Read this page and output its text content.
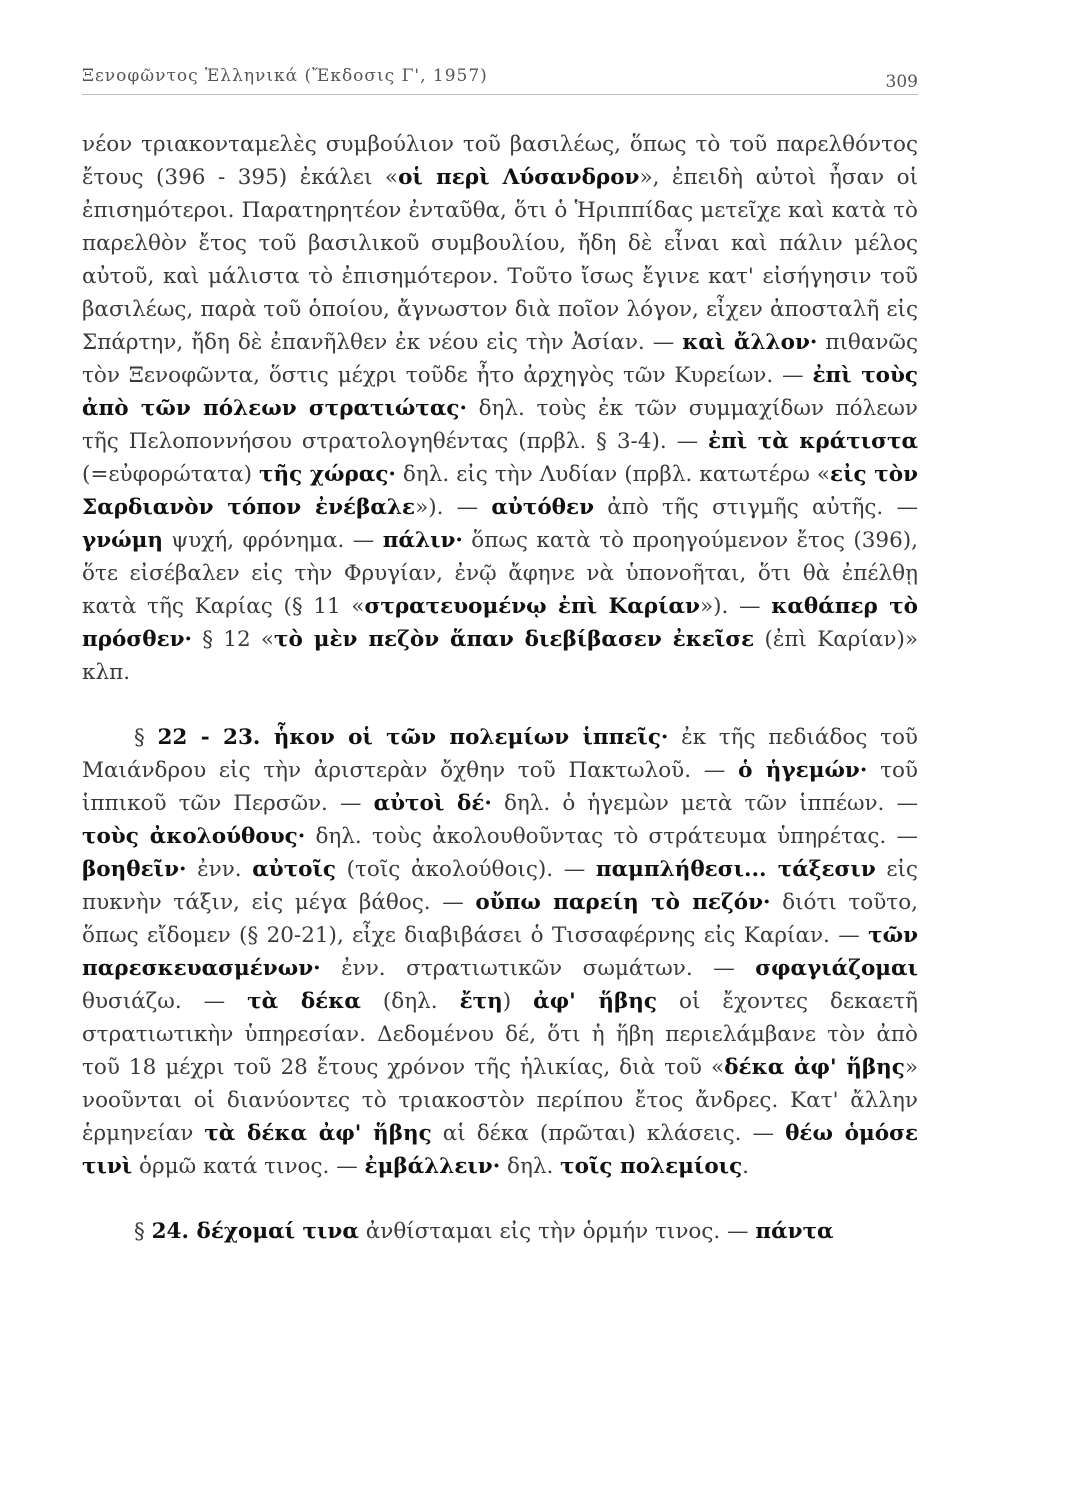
Ξενοφῶντος Ἑλληνικά (Ἔκδοσις Γ', 1957)	309

νέον τριακονταμελὲς συμβούλιον τοῦ βασιλέως, ὅπως τὸ τοῦ παρελθόντος ἔτους (396 - 395) ἐκάλει «οἱ περὶ Λύσανδρον», ἐπειδὴ αὐτοὶ ἦσαν οἱ ἐπισημότεροι. Παρατηρητέον ἐνταῦθα, ὅτι ὁ Ἡριππίδας μετεῖχε καὶ κατὰ τὸ παρελθὸν ἔτος τοῦ βασιλικοῦ συμβουλίου, ἤδη δὲ εἶναι καὶ πάλιν μέλος αὐτοῦ, καὶ μάλιστα τὸ ἐπισημότερον. Τοῦτο ἴσως ἔγινε κατ' εἰσήγησιν τοῦ βασιλέως, παρὰ τοῦ ὁποίου, ἄγνωστον διὰ ποῖον λόγον, εἶχεν ἀποσταλῆ εἰς Σπάρτην, ἤδη δὲ ἐπανῆλθεν ἐκ νέου εἰς τὴν Ἀσίαν. — καὶ ἄλλον· πιθανῶς τὸν Ξενοφῶντα, ὅστις μέχρι τοῦδε ἦτο ἀρχηγὸς τῶν Κυρείων. — ἐπὶ τοὺς ἀπὸ τῶν πόλεων στρατιώτας· δηλ. τοὺς ἐκ τῶν συμμαχίδων πόλεων τῆς Πελοποννήσου στρατολογηθέντας (πρβλ. § 3-4). — ἐπὶ τὰ κράτιστα (=εὐφορώτατα) τῆς χώρας· δηλ. εἰς τὴν Λυδίαν (πρβλ. κατωτέρω «εἰς τὸν Σαρδιανὸν τόπον ἐνέβαλε»). — αὐτόθεν ἀπὸ τῆς στιγμῆς αὐτῆς. — γνώμη ψυχή, φρόνημα. — πάλιν· ὅπως κατὰ τὸ προηγούμενον ἔτος (396), ὅτε εἰσέβαλεν εἰς τὴν Φρυγίαν, ἐνῷ ἄφηνε νὰ ὑπονοῆται, ὅτι θὰ ἐπέλθῃ κατὰ τῆς Καρίας (§ 11 «στρατευομένῳ ἐπὶ Καρίαν»). — καθάπερ τὸ πρόσθεν· § 12 «τὸ μὲν πεζὸν ἅπαν διεβίβασεν ἐκεῖσε (ἐπὶ Καρίαν)» κλπ.

§ 22 - 23. ἧκον οἱ τῶν πολεμίων ἱππεῖς· ἐκ τῆς πεδιάδος τοῦ Μαιάνδρου εἰς τὴν ἀριστερὰν ὄχθην τοῦ Πακτωλοῦ. — ὁ ἡγεμών· τοῦ ἱππικοῦ τῶν Περσῶν. — αὐτοὶ δέ· δηλ. ὁ ἡγεμὼν μετὰ τῶν ἱππέων. — τοὺς ἀκολούθους· δηλ. τοὺς ἀκολουθοῦντας τὸ στράτευμα ὑπηρέτας. — βοηθεῖν· ἐνν. αὐτοῖς (τοῖς ἀκολούθοις). — παμπλήθεσι... τάξεσιν εἰς πυκνὴν τάξιν, εἰς μέγα βάθος. — οὔπω παρείη τὸ πεζόν· διότι τοῦτο, ὅπως εἴδομεν (§ 20-21), εἶχε διαβιβάσει ὁ Τισσαφέρνης εἰς Καρίαν. — τῶν παρεσκευασμένων· ἐνν. στρατιωτικῶν σωμάτων. — σφαγιάζομαι θυσιάζω. — τὰ δέκα (δηλ. ἔτη) ἀφ' ἥβης οἱ ἔχοντες δεκαετῆ στρατιωτικὴν ὑπηρεσίαν. Δεδομένου δέ, ὅτι ἡ ἥβη περιελάμβανε τὸν ἀπὸ τοῦ 18 μέχρι τοῦ 28 ἔτους χρόνον τῆς ἡλικίας, διὰ τοῦ «δέκα ἀφ' ἥβης» νοοῦνται οἱ διανύοντες τὸ τριακοστὸν περίπου ἔτος ἄνδρες. Κατ' ἄλλην ἑρμηνείαν τὰ δέκα ἀφ' ἥβης αἱ δέκα (πρῶται) κλάσεις. — θέω ὁμόσε τινὶ ὁρμῶ κατά τινος. — ἐμβάλλειν· δηλ. τοῖς πολεμίοις.

§ 24. δέχομαί τινα ἀνθίσταμαι εἰς τὴν ὁρμήν τινος. — πάντα
